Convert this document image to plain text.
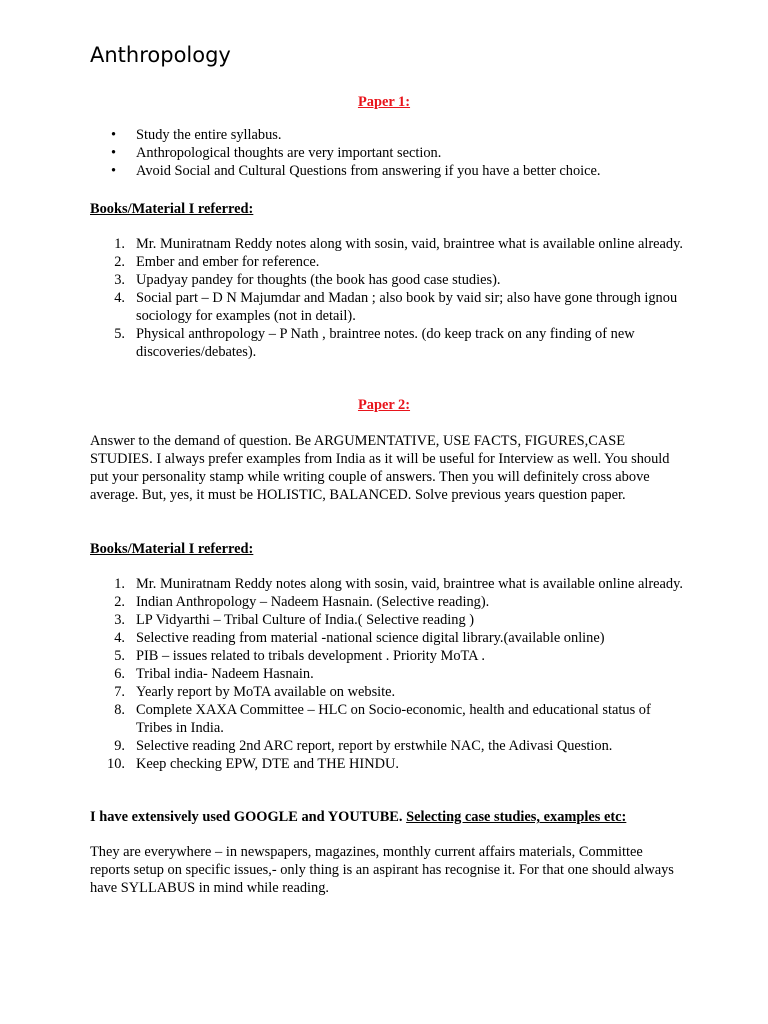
Anthropology
Paper 1:
• Study the entire syllabus.
• Anthropological thoughts are very important section.
• Avoid Social and Cultural Questions from answering if you have a better choice.
Books/Material I referred:
1. Mr. Muniratnam Reddy notes along with sosin, vaid, braintree what is available online already.
2. Ember and ember for reference.
3. Upadyay pandey for thoughts (the book has good case studies).
4. Social part – D N Majumdar and Madan ; also book by vaid sir; also have gone through ignou sociology for examples (not in detail).
5. Physical anthropology – P Nath , braintree notes. (do keep track on any finding of new discoveries/debates).
Paper 2:
Answer to the demand of question. Be ARGUMENTATIVE, USE FACTS, FIGURES,CASE STUDIES. I always prefer examples from India as it will be useful for Interview as well. You should put your personality stamp while writing couple of answers. Then you will definitely cross above average. But, yes, it must be HOLISTIC, BALANCED. Solve previous years question paper.
Books/Material I referred:
1. Mr. Muniratnam Reddy notes along with sosin, vaid, braintree what is available online already.
2. Indian Anthropology – Nadeem Hasnain. (Selective reading).
3. LP Vidyarthi – Tribal Culture of India.( Selective reading )
4. Selective reading from material -national science digital library.(available online)
5. PIB – issues related to tribals development . Priority MoTA .
6. Tribal india- Nadeem Hasnain.
7. Yearly report by MoTA available on website.
8. Complete XAXA Committee – HLC on Socio-economic, health and educational status of Tribes in India.
9. Selective reading 2nd ARC report, report by erstwhile NAC, the Adivasi Question.
10. Keep checking EPW, DTE and THE HINDU.
I have extensively used GOOGLE and YOUTUBE. Selecting case studies, examples etc:
They are everywhere – in newspapers, magazines, monthly current affairs materials, Committee reports setup on specific issues,- only thing is an aspirant has recognise it. For that one should always have SYLLABUS in mind while reading.
